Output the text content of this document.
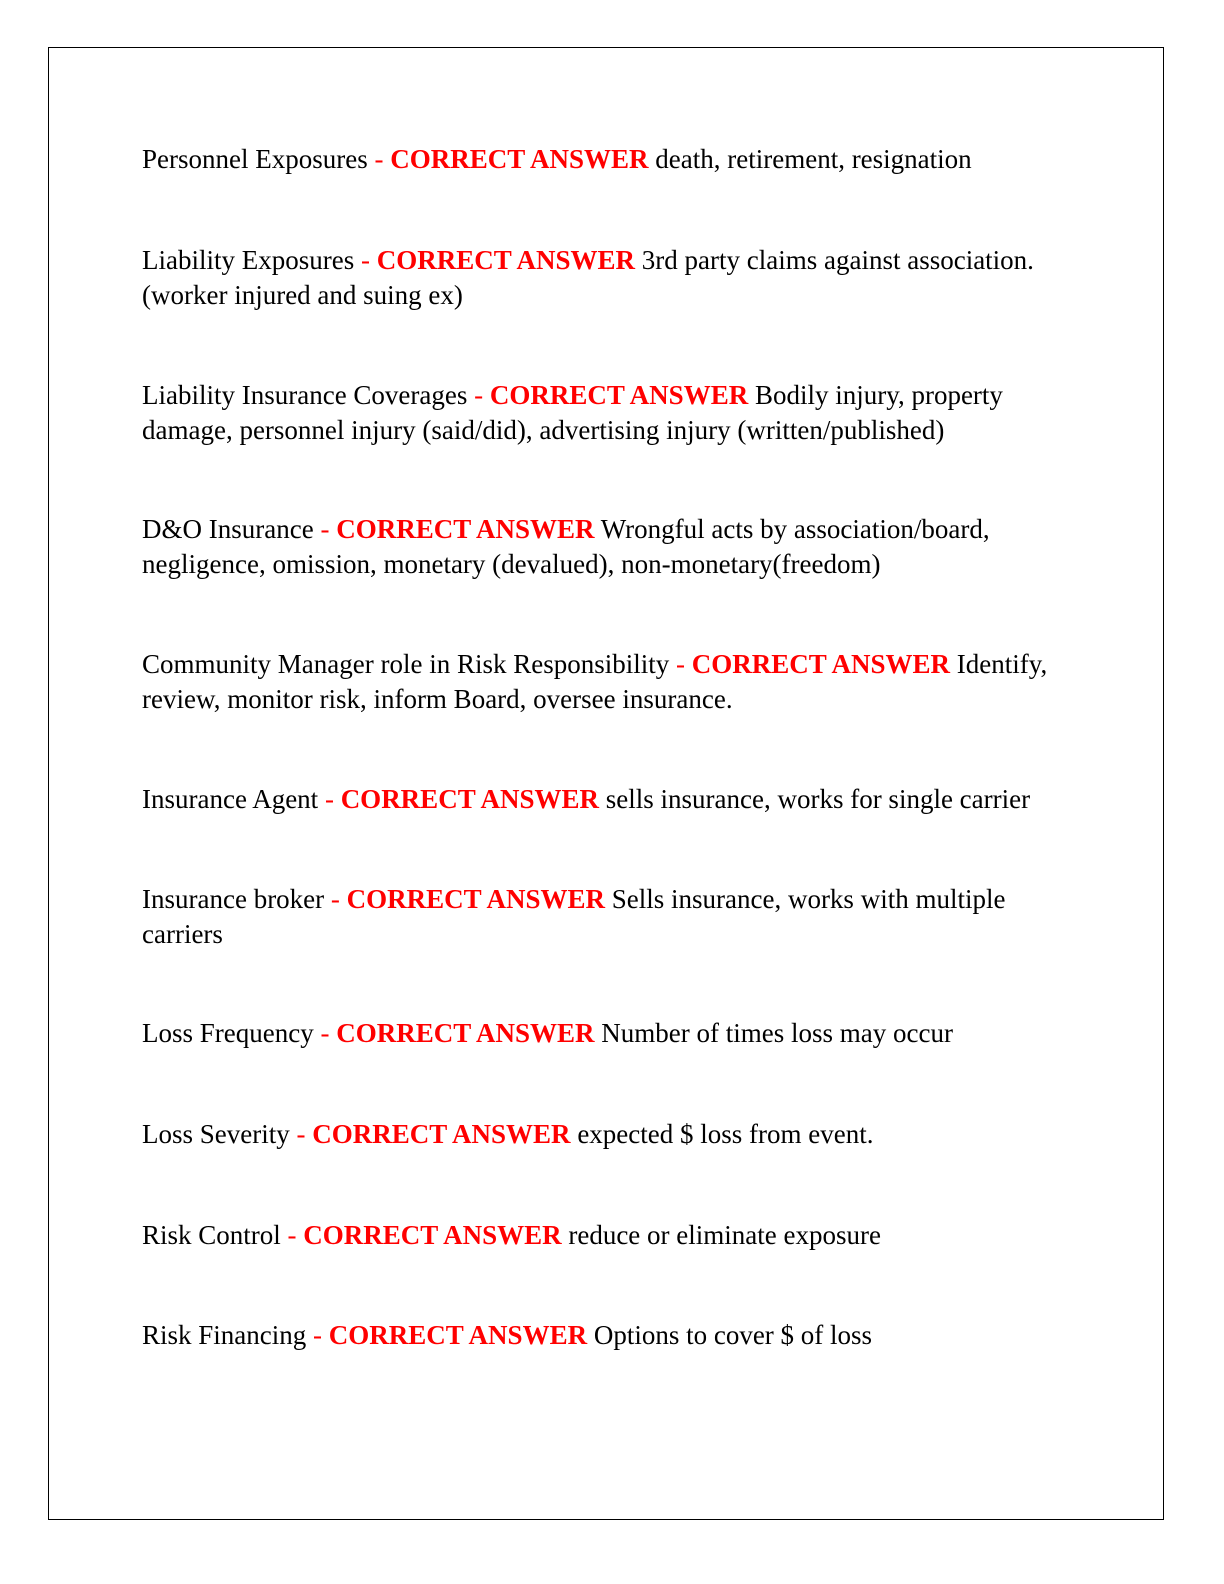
Personnel Exposures - CORRECT ANSWER death, retirement, resignation

Liability Exposures - CORRECT ANSWER 3rd party claims against association. (worker injured and suing ex)

Liability Insurance Coverages - CORRECT ANSWER Bodily injury, property damage, personnel injury (said/did), advertising injury (written/published)

D&O Insurance - CORRECT ANSWER Wrongful acts by association/board, negligence, omission, monetary (devalued), non-monetary(freedom)

Community Manager role in Risk Responsibility - CORRECT ANSWER Identify, review, monitor risk, inform Board, oversee insurance.

Insurance Agent - CORRECT ANSWER sells insurance, works for single carrier

Insurance broker - CORRECT ANSWER Sells insurance, works with multiple carriers

Loss Frequency - CORRECT ANSWER Number of times loss may occur

Loss Severity - CORRECT ANSWER expected $ loss from event.

Risk Control - CORRECT ANSWER reduce or eliminate exposure

Risk Financing - CORRECT ANSWER Options to cover $ of loss
